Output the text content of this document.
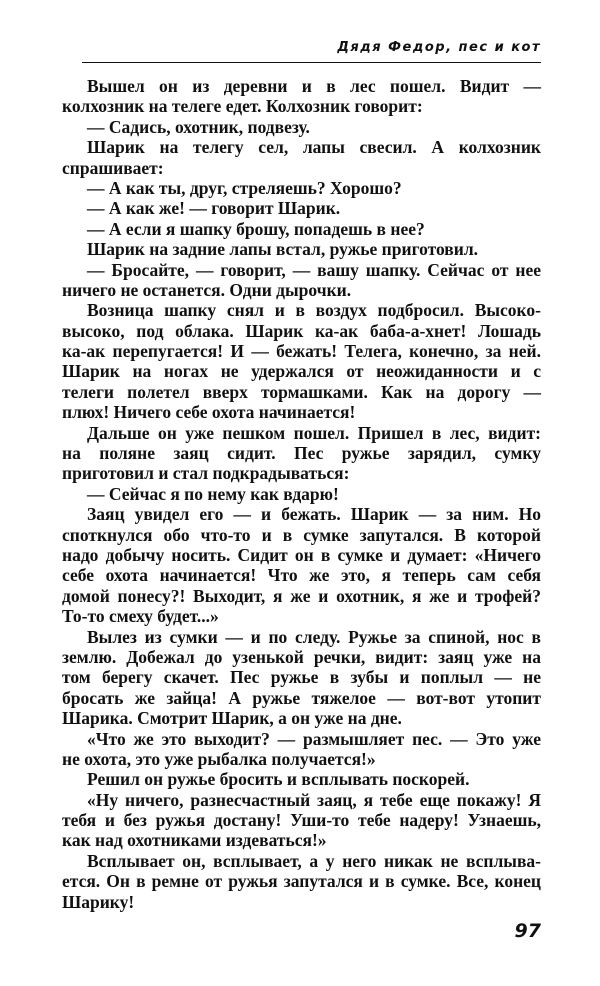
Дядя Федор, пес и кот
Вышел он из деревни и в лес пошел. Видит —
колхозник на телеге едет. Колхозник говорит:
— Садись, охотник, подвезу.
Шарик на телегу сел, лапы свесил. А колхозник
спрашивает:
— А как ты, друг, стреляешь? Хорошо?
— А как же! — говорит Шарик.
— А если я шапку брошу, попадешь в нее?
Шарик на задние лапы встал, ружье приготовил.
— Бросайте, — говорит, — вашу шапку. Сейчас от нее
ничего не останется. Одни дырочки.
Возница шапку снял и в воздух подбросил. Высоко-
высоко, под облака. Шарик ка-ак баба-а-хнет! Лошадь
ка-ак перепугается! И — бежать! Телега, конечно, за ней.
Шарик на ногах не удержался от неожиданности и с
телеги полетел вверх тормашками. Как на дорогу —
плюх! Ничего себе охота начинается!
Дальше он уже пешком пошел. Пришел в лес, видит:
на поляне заяц сидит. Пес ружье зарядил, сумку
приготовил и стал подкрадываться:
— Сейчас я по нему как вдарю!
Заяц увидел его — и бежать. Шарик — за ним. Но
споткнулся обо что-то и в сумке запутался. В которой
надо добычу носить. Сидит он в сумке и думает: «Ничего
себе охота начинается! Что же это, я теперь сам себя
домой понесу?! Выходит, я же и охотник, я же и трофей?
То-то смеху будет...»
Вылез из сумки — и по следу. Ружье за спиной, нос в
землю. Добежал до узенькой речки, видит: заяц уже на
том берегу скачет. Пес ружье в зубы и поплыл — не
бросать же зайца! А ружье тяжелое — вот-вот утопит
Шарика. Смотрит Шарик, а он уже на дне.
«Что же это выходит? — размышляет пес. — Это уже
не охота, это уже рыбалка получается!»
Решил он ружье бросить и всплывать поскорей.
«Ну ничего, разнесчастный заяц, я тебе еще покажу! Я
тебя и без ружья достану! Уши-то тебе надеру! Узнаешь,
как над охотниками издеваться!»
Всплывает он, всплывает, а у него никак не всплыва-
ется. Он в ремне от ружья запутался и в сумке. Все, конец
Шарику!
97
